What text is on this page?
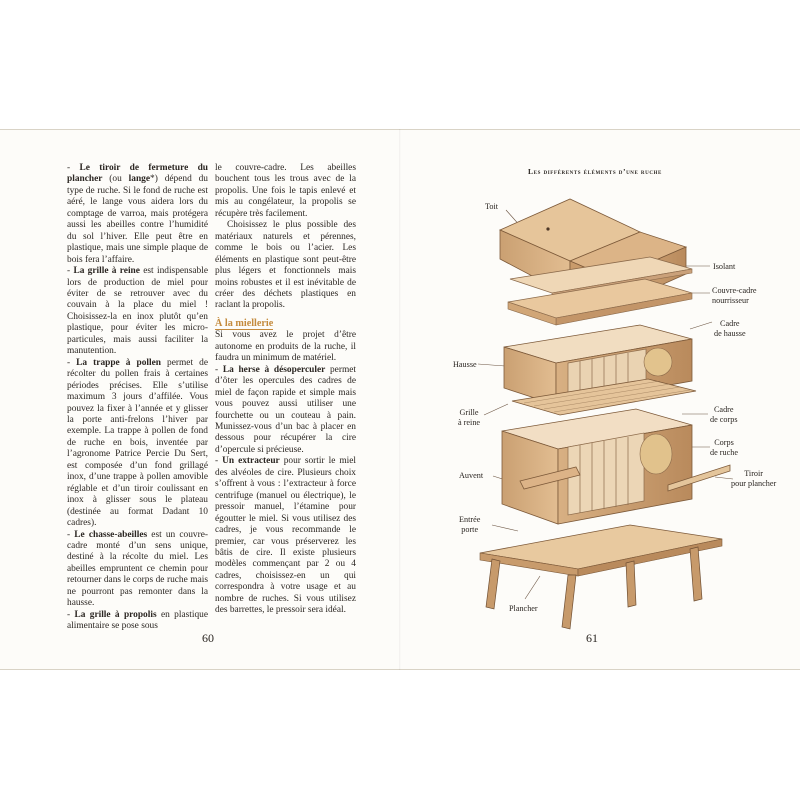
- Le tiroir de fermeture du plancher (ou lange*) dépend du type de ruche. Si le fond de ruche est aéré, le lange vous aidera lors du comptage de varroa, mais protégera aussi les abeilles contre l’humidité du sol l’hiver. Elle peut être en plastique, mais une simple plaque de bois fera l’affaire.

- La grille à reine est indispensable lors de production de miel pour éviter de se retrouver avec du couvain à la place du miel ! Choisissez-la en inox plutôt qu’en plastique, pour éviter les micro-particules, mais aussi faciliter la manutention.

- La trappe à pollen permet de récolter du pollen frais à certaines périodes précises. Elle s’utilise maximum 3 jours d’affilée. Vous pouvez la fixer à l’année et y glisser la porte anti-frelons l’hiver par exemple. La trappe à pollen de fond de ruche en bois, inventée par l’agronome Patrice Percie Du Sert, est composée d’un fond grillagé inox, d’une trappe à pollen amovible réglable et d’un tiroir coulissant en inox à glisser sous le plateau (destinée au format Dadant 10 cadres).

- Le chasse-abeilles est un couvre-cadre monté d’un sens unique, destiné à la récolte du miel. Les abeilles empruntent ce chemin pour retourner dans le corps de ruche mais ne pourront pas remonter dans la hausse.

- La grille à propolis en plastique alimentaire se pose sous

le couvre-cadre. Les abeilles bouchent tous les trous avec de la propolis. Une fois le tapis enlevé et mis au congélateur, la propolis se récupère très facilement.

Choisissez le plus possible des matériaux naturels et pérennes, comme le bois ou l’acier. Les éléments en plastique sont peut-être plus légers et fonctionnels mais moins robustes et il est inévitable de créer des déchets plastiques en raclant la propolis.

À la miellerie

Si vous avez le projet d’être autonome en produits de la ruche, il faudra un minimum de matériel.

- La herse à désoperculer permet d’ôter les opercules des cadres de miel de façon rapide et simple mais vous pouvez aussi utiliser une fourchette ou un couteau à pain. Munissez-vous d’un bac à placer en dessous pour récupérer la cire d’opercule si précieuse.

- Un extracteur pour sortir le miel des alvéoles de cire. Plusieurs choix s’offrent à vous : l’extracteur à force centrifuge (manuel ou électrique), le pressoir manuel, l’étamine pour égoutter le miel. Si vous utilisez des cadres, je vous recommande le premier, car vous préserverez les bâtis de cire. Il existe plusieurs modèles commençant par 2 ou 4 cadres, choisissez-en un qui correspondra à votre usage et au nombre de ruches. Si vous utilisez des barrettes, le pressoir sera idéal.

60
Les différents éléments d’une ruche
Toit
Isolant
Couvre-cadre
nourrisseur
Cadre
de hausse
Hausse
Grille
à reine
Cadre
de corps
Corps
de ruche
Auvent	Tiroir
pour plancher
Entrée
porte
Plancher
61
